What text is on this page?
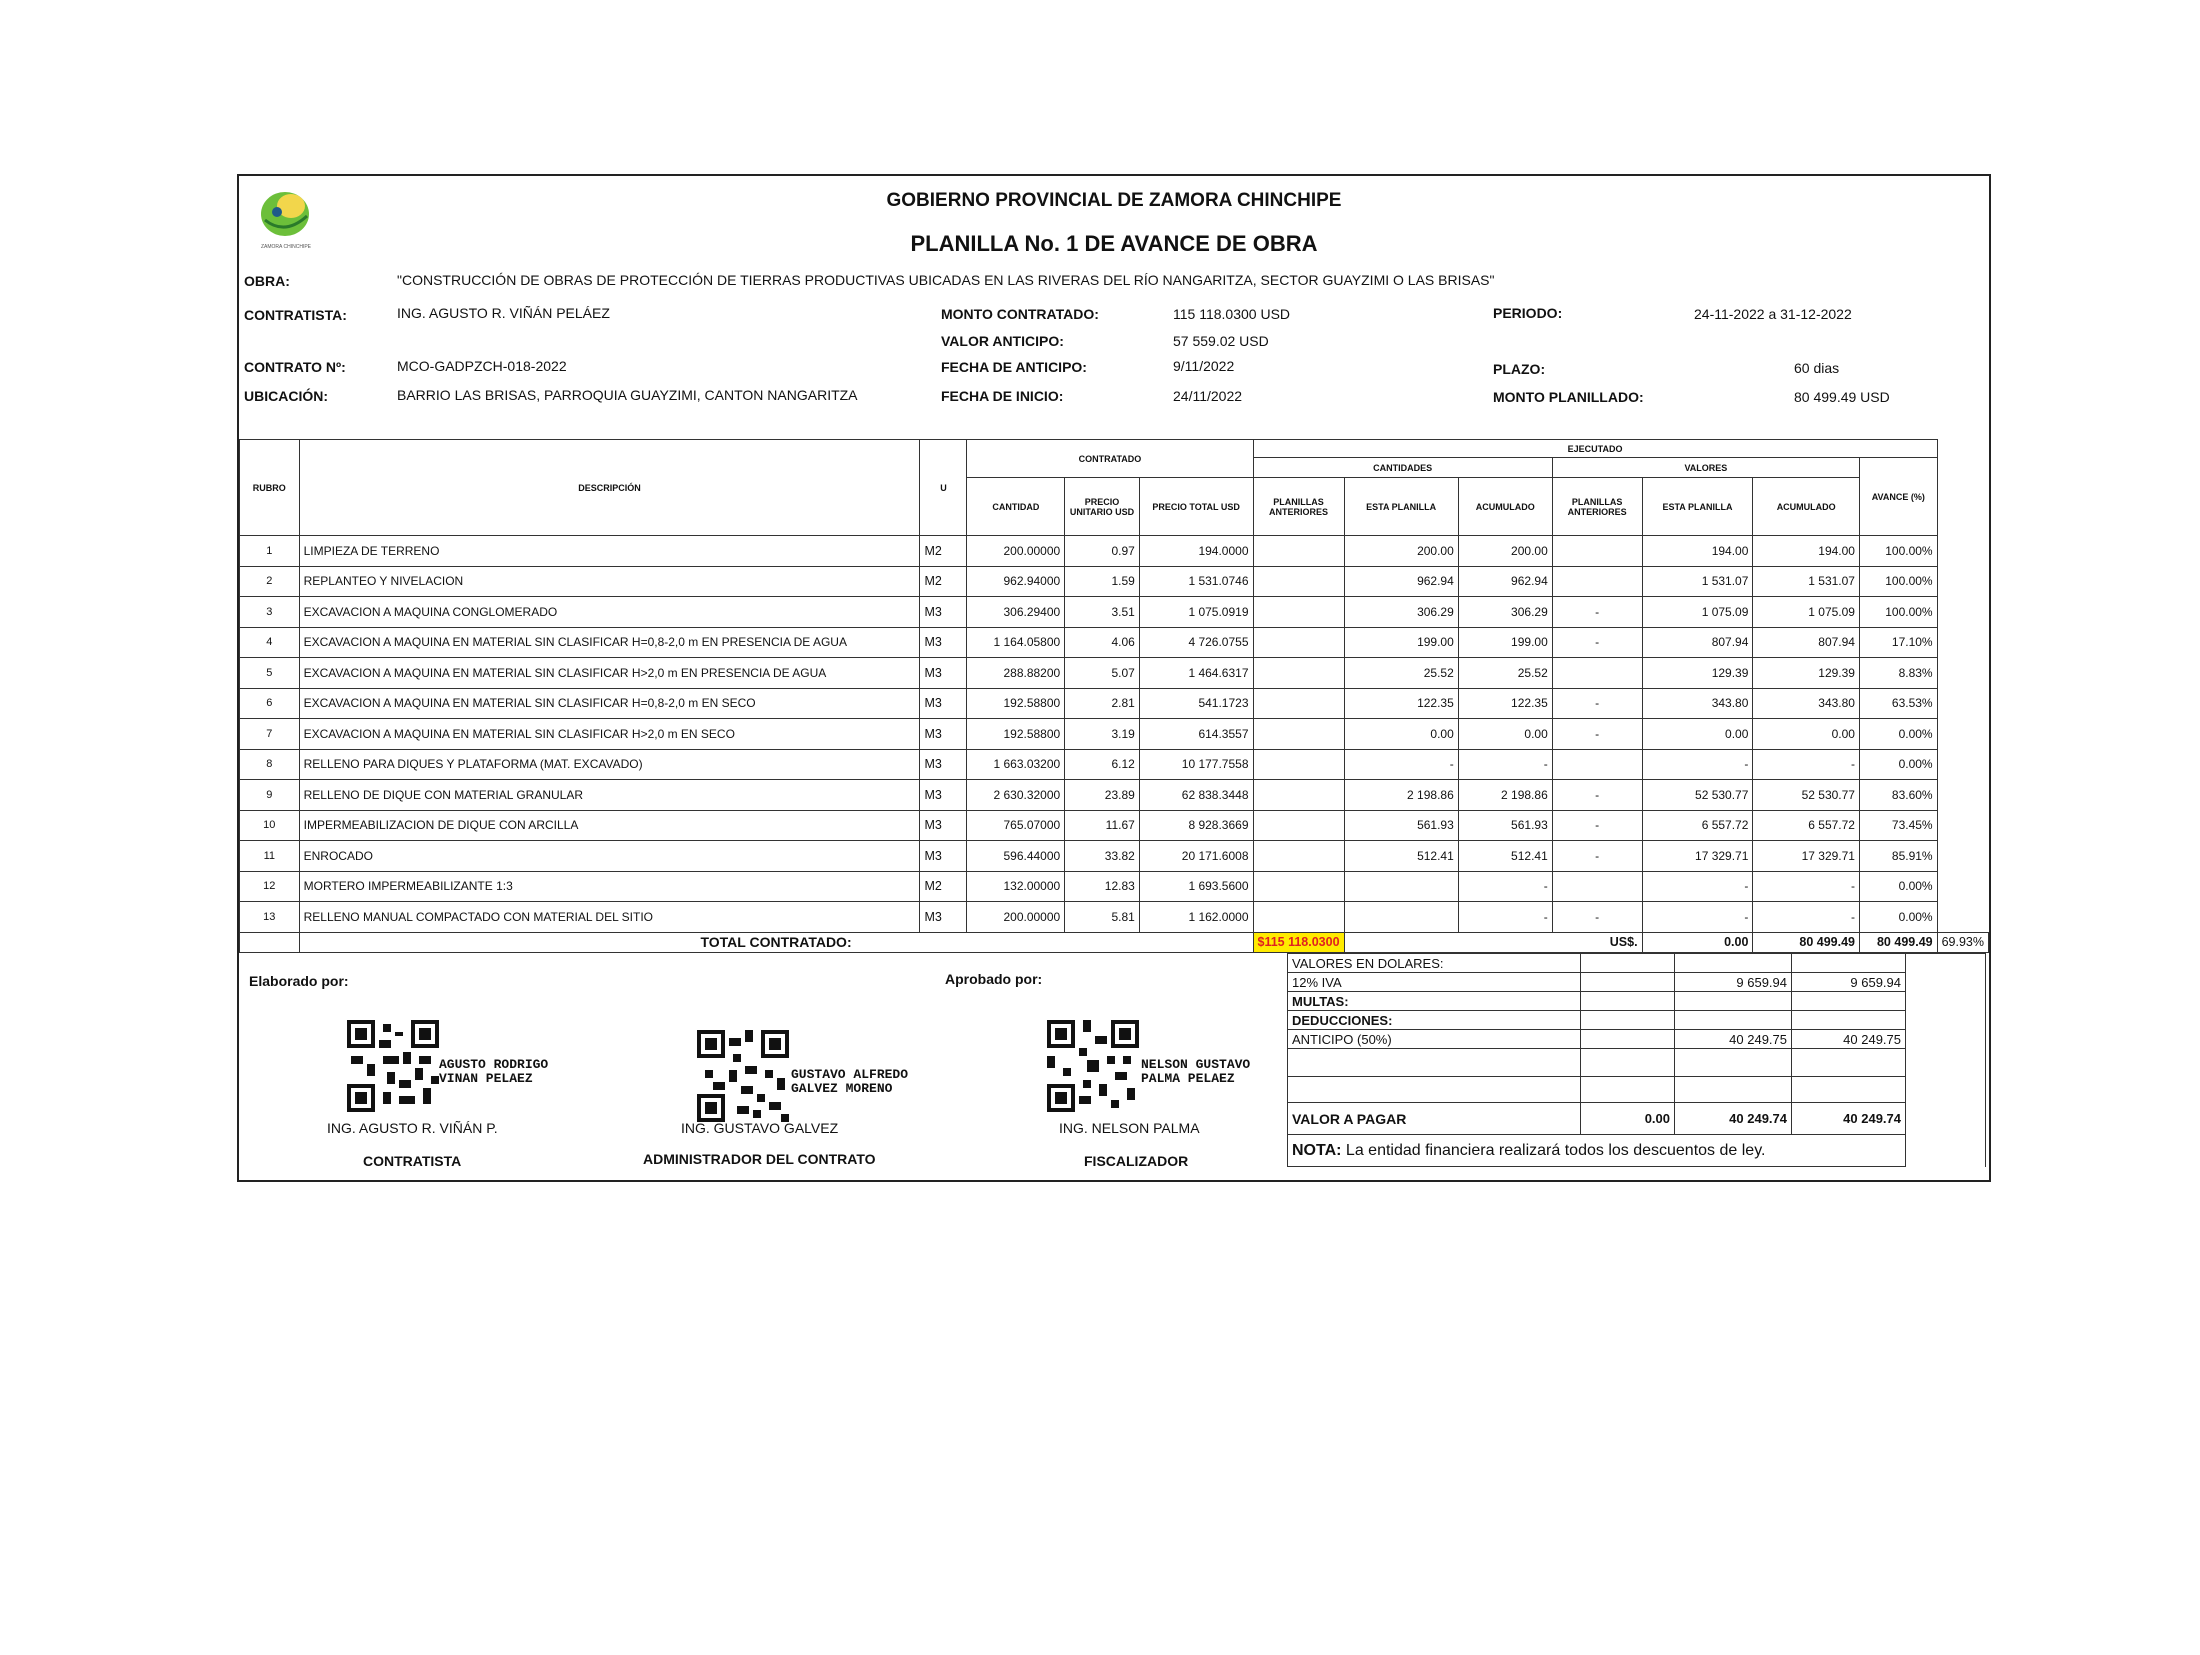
ZAMORA CHINCHIPE
GOBIERNO PROVINCIAL DE ZAMORA CHINCHIPE
PLANILLA No. 1 DE AVANCE DE OBRA
OBRA:	"CONSTRUCCIÓN DE OBRAS DE PROTECCIÓN DE TIERRAS PRODUCTIVAS UBICADAS EN LAS RIVERAS DEL RÍO NANGARITZA, SECTOR GUAYZIMI O LAS BRISAS"
CONTRATISTA:	ING. AGUSTO R. VIÑÁN PELÁEZ	MONTO CONTRATADO:	115 118.0300 USD	PERIODO:	24-11-2022 a 31-12-2022
VALOR ANTICIPO:	57 559.02 USD
CONTRATO Nº:	MCO-GADPZCH-018-2022	FECHA DE ANTICIPO:	9/11/2022	PLAZO:	60 dias
UBICACIÓN:	BARRIO LAS BRISAS, PARROQUIA GUAYZIMI, CANTON NANGARITZA	FECHA DE INICIO:	24/11/2022	MONTO PLANILLADO:	80 499.49 USD
RUBRO	DESCRIPCIÓN	U	CONTRATADO			EJECUTADO							
						CANTIDADES			VALORES			AVANCE (%)	
			CANTIDAD	PRECIO UNITARIO USD	PRECIO TOTAL USD	PLANILLAS ANTERIORES	ESTA PLANILLA	ACUMULADO	PLANILLAS ANTERIORES	ESTA PLANILLA	ACUMULADO		
1	LIMPIEZA DE TERRENO	M2	200.00000	0.97	194.0000		200.00	200.00		194.00	194.00	100.00%	
2	REPLANTEO Y NIVELACION	M2	962.94000	1.59	1 531.0746		962.94	962.94		1 531.07	1 531.07	100.00%	
3	EXCAVACION A MAQUINA CONGLOMERADO	M3	306.29400	3.51	1 075.0919		306.29	306.29	-	1 075.09	1 075.09	100.00%	
4	EXCAVACION A MAQUINA EN MATERIAL SIN CLASIFICAR H=0,8-2,0 m EN PRESENCIA DE AGUA	M3	1 164.05800	4.06	4 726.0755		199.00	199.00	-	807.94	807.94	17.10%	
5	EXCAVACION A MAQUINA EN MATERIAL SIN CLASIFICAR H>2,0 m EN PRESENCIA DE AGUA	M3	288.88200	5.07	1 464.6317		25.52	25.52		129.39	129.39	8.83%	
6	EXCAVACION A MAQUINA EN MATERIAL SIN CLASIFICAR H=0,8-2,0 m EN SECO	M3	192.58800	2.81	541.1723		122.35	122.35	-	343.80	343.80	63.53%	
7	EXCAVACION A MAQUINA EN MATERIAL SIN CLASIFICAR H>2,0 m EN SECO	M3	192.58800	3.19	614.3557		0.00	0.00	-	0.00	0.00	0.00%	
8	RELLENO PARA DIQUES Y PLATAFORMA (MAT. EXCAVADO)	M3	1 663.03200	6.12	10 177.7558		-	-		-	-	0.00%	
9	RELLENO DE DIQUE CON MATERIAL GRANULAR	M3	2 630.32000	23.89	62 838.3448		2 198.86	2 198.86	-	52 530.77	52 530.77	83.60%	
10	IMPERMEABILIZACION DE DIQUE CON ARCILLA	M3	765.07000	11.67	8 928.3669		561.93	561.93	-	6 557.72	6 557.72	73.45%	
11	ENROCADO	M3	596.44000	33.82	20 171.6008		512.41	512.41	-	17 329.71	17 329.71	85.91%	
12	MORTERO IMPERMEABILIZANTE 1:3	M2	132.00000	12.83	1 693.5600			-		-	-	0.00%	
13	RELLENO MANUAL COMPACTADO CON MATERIAL DEL SITIO	M3	200.00000	5.81	1 162.0000			-	-	-	-	0.00%	
	TOTAL CONTRATADO:					$115 118.0300	US$.			0.00	80 499.49	80 499.49	69.93%
VALORES EN DOLARES:				
12% IVA		9 659.94	9 659.94	
MULTAS:				
DEDUCCIONES:				
ANTICIPO (50%)		40 249.75	40 249.75	

VALOR A PAGAR	0.00	40 249.74	40 249.74	
NOTA: La entidad financiera realizará todos los descuentos de ley.				
Elaborado por:	Aprobado por:
AGUSTO RODRIGO
VINAN PELAEZ	GUSTAVO ALFREDO
GALVEZ MORENO
NELSON GUSTAVO
PALMA PELAEZ
ING. AGUSTO R. VIÑÁN P.	ING. GUSTAVO GALVEZ	ING. NELSON PALMA
CONTRATISTA	ADMINISTRADOR DEL CONTRATO	FISCALIZADOR
